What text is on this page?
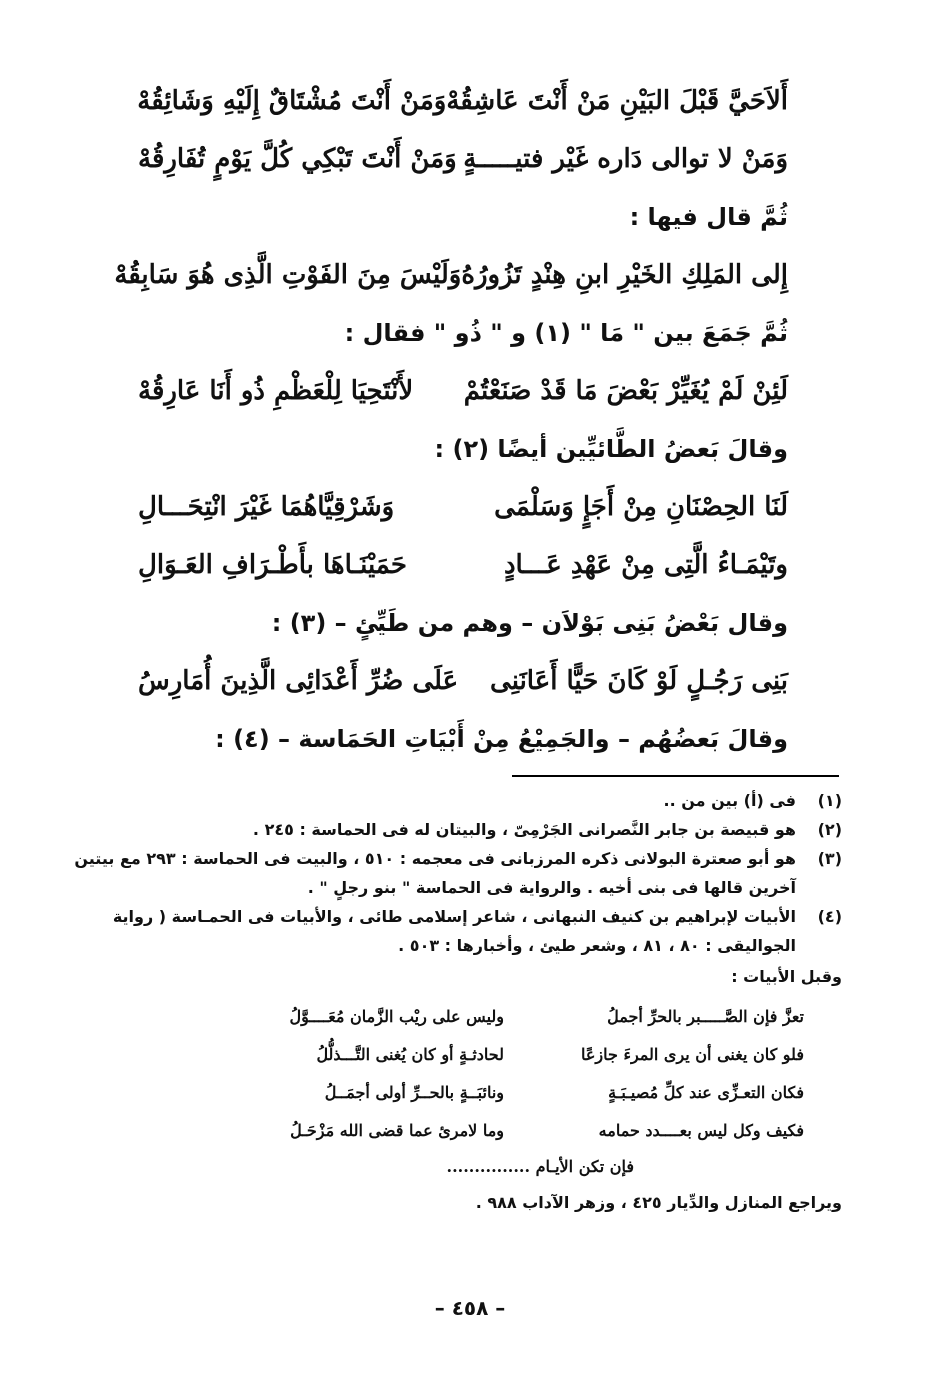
أَلاَحَيَّ قَبْلَ البَيْنِ مَنْ أَنْتَ عَاشِقُهْ
وَمَنْ أَنْتَ مُشْتَاقٌ إِلَيْهِ وَشَائِقُهْ
وَمَنْ لا توالى دَاره غَيْر فتيـــــةٍ
وَمَنْ أَنْتَ تَبْكِي كُلَّ يَوْمٍ تُفَارِقُهْ
ثُمَّ قال فيها :
إِلى المَلِكِ الخَيْرِ ابنِ هِنْدٍ تَزُورُهُ
وَلَيْسَ مِنَ الفَوْتِ الَّذِى هُوَ سَابِقُهْ
ثُمَّ جَمَعَ بين " مَا " (١) و " ذُو " فقال :
لَئِنْ لَمْ يُغَيِّرْ بَعْضَ مَا قَدْ صَنَعْتُمْ
لأَنْتَحِيَا لِلْعَظْمِ ذُو أَنَا عَارِقُهْ
وقالَ بَعضُ الطَّائيِّين أيضًا (٢) :
لَنَا الحِصْنَانِ مِنْ أَجَإٍ وَسَلْمَى
وَشَرْقِيَّاهُمَا غَيْرَ انْتِحَـــالِ
وتَيْمَـاءُ الَّتِى مِنْ عَهْدِ عَـــادٍ
حَمَيْنَـاهَا بأَطْـرَافِ العَـوَالِ
وقال بَعْضُ بَنِى بَوْلاَن – وهم من طَيِّئٍ – (٣) :
بَنِى رَجُـلٍ لَوْ كَانَ حَيًّا أَعَانَنِى
عَلَى ضُرِّ أَعْدَائِى الَّذِينَ أُمَارِسُ
وقالَ بَعضُهُم – والجَمِيْعُ مِنْ أَبْيَاتِ الحَمَاسة – (٤) :
(١)
فى (أ) بين من ..
(٢)
هو قبيصة بن جابر النَّصرانى الجَرْمِىّ ، والبيتان له فى الحماسة : ٢٤٥ .
(٣)
هو أبو صعترة البولانى ذكره المرزبانى فى معجمه : ٥١٠ ، والبيت فى الحماسة : ٢٩٣ مع بيتين
آخرين قالها فى بنى أخيه . والرواية فى الحماسة " بنو رجلٍ " .
(٤)
الأبيات لإبراهيم بن كنيف النبهانى ، شاعر إسلامى طائى ، والأبيات فى الحمـاسة ( رواية
الجواليقى : ٨٠ ، ٨١ ، وشعر طيئ ، وأخبارها : ٥٠٣ .
وقبل الأبيات :
تعزَّ فإن الصَّـــــبر بالحرِّ أجملُ
وليس على ريْب الزَّمان مُعَــــوَّلُ
فلو كان يغنى أن يرى المرءَ جازعًا
لحادثـةٍ أو كان يُغنى التَّـــذلُّلُ
فكان التعـزِّى عند كلِّ مُصيـبَـةٍ
ونائبَــةٍ بالحــرِّ أولى أجمَــلُ
فكيف وكل ليس بعــــدد حمامه
وما لامرئ عما قضى الله مَزْحَـلُ
فإن تكن الأيـام ...............
ويراجع المنازل والدِّيار ٤٢٥ ، وزهر الآداب ٩٨٨ .
– ٤٥٨ –
